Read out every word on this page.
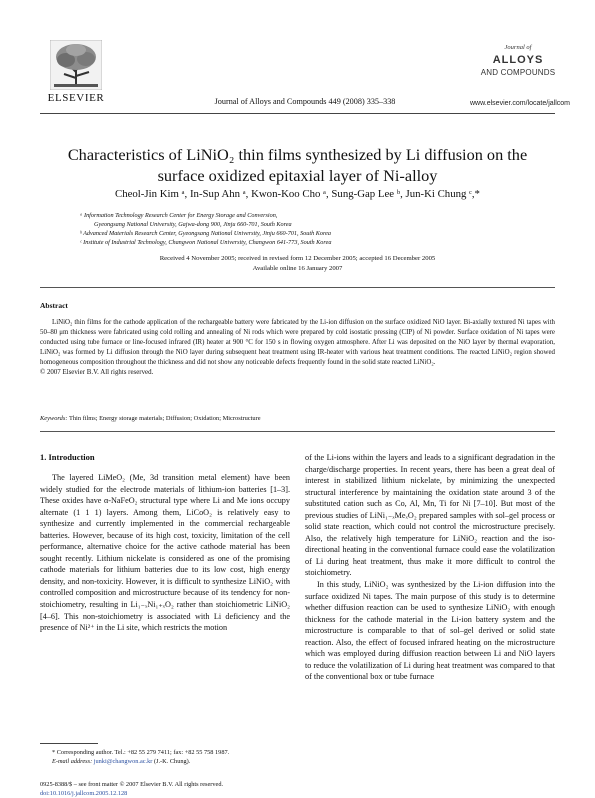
ELSEVIER	Journal of Alloys and Compounds 449 (2008) 335–338
Journal of
ALLOYS
AND COMPOUNDS
www.elsevier.com/locate/jallcom
Characteristics of LiNiO₂ thin films synthesized by Li diffusion on the
surface oxidized epitaxial layer of Ni-alloy
Cheol-Jin Kim ᵃ, In-Sup Ahn ᵃ, Kwon-Koo Cho ᵃ, Sung-Gap Lee ᵇ, Jun-Ki Chung ᶜ,*

ᵃ Information Technology Research Center for Energy Storage and Conversion,

Gyeongsang National University, Gajwa-dong 900, Jinju 660-701, South Korea

ᵇ Advanced Materials Research Center, Gyeongsang National University, Jinju 660-701, South Korea

ᶜ Institute of Industrial Technology, Changwon National University, Changwon 641-773, South Korea

Received 4 November 2005; received in revised form 12 December 2005; accepted 16 December 2005
Available online 16 January 2007
Abstract

LiNiO₂ thin films for the cathode application of the rechargeable battery were fabricated by the Li-ion diffusion on the surface oxidized NiO layer. Bi-axially textured Ni tapes with 50–80 μm thickness were fabricated using cold rolling and annealing of Ni rods which were prepared by cold isostatic pressing (CIP) of Ni powder. Surface oxidation of Ni tapes were conducted using tube furnace or line-focused infrared (IR) heater at 900 °C for 150 s in flowing oxygen atmosphere. After Li was deposited on the NiO layer by thermal evaporation, LiNiO₂ was formed by Li diffusion through the NiO layer during subsequent heat treatment using IR-heater with various heat treatment conditions. The reacted LiNiO₂ region showed homogeneous composition throughout the thickness and did not show any noticeable defects frequently found in the solid state reacted LiNiO₂.

© 2007 Elsevier B.V. All rights reserved.

Keywords: Thin films; Energy storage materials; Diffusion; Oxidation; Microstructure
1. Introduction

The layered LiMeO₂ (Me, 3d transition metal element) have been widely studied for the electrode materials of lithium-ion batteries [1–3]. These oxides have α-NaFeO₂ structural type where Li and Me ions occupy alternate (1 1 1) layers. Among them, LiCoO₂ is relatively easy to synthesize and currently implemented in the commercial rechargeable batteries. However, because of its high cost, toxicity, limitation of the cell performance, alternative choice for the active cathode material has been sought recently. Lithium nickelate is considered as one of the promising cathode materials for lithium batteries due to its low cost, high energy density, and non-toxicity. However, it is difficult to synthesize LiNiO₂ with controlled composition and microstructure because of its tendency for non-stoichiometry, resulting in Li₁₋ₓNi₁₊ₓO₂ rather than stoichiometric LiNiO₂ [4–6]. This non-stoichiometry is associated with Li deficiency and the presence of Ni²⁺ in the Li site, which restricts the motion

of the Li-ions within the layers and leads to a significant degradation in the charge/discharge properties. In recent years, there has been a great deal of interest in stabilized lithium nickelate, by minimizing the unexpected structural interference by maintaining the oxidation state around 3 of the substituted cation such as Co, Al, Mn, Ti for Ni [7–10]. But most of the previous studies of LiNi₁₋ₓMeₓO₂ prepared samples with sol–gel process or solid state reaction, which could not control the microstructure precisely. Also, the relatively high temperature for LiNiO₂ reaction and the iso-directional heating in the conventional furnace could ease the volatilization of Li during heat treatment, thus make it more difficult to control the stoichiometry.

In this study, LiNiO₂ was synthesized by the Li-ion diffusion into the surface oxidized Ni tapes. The main purpose of this study is to determine whether diffusion reaction can be used to synthesize LiNiO₂ with enough thickness for the cathode material in the Li-ion battery system and the microstructure is comparable to that of sol–gel derived or solid state reaction. Also, the effect of focused infrared heating on the microstructure which was employed during diffusion reaction between Li and NiO layers to reduce the volatilization of Li during heat treatment was compared to that of the conventional box or tube furnace

* Corresponding author. Tel.: +82 55 279 7411; fax: +82 55 758 1987.

E-mail address: junki@changwon.ac.kr (J.-K. Chung).

0925-8388/$ – see front matter © 2007 Elsevier B.V. All rights reserved.

doi:10.1016/j.jallcom.2005.12.128
